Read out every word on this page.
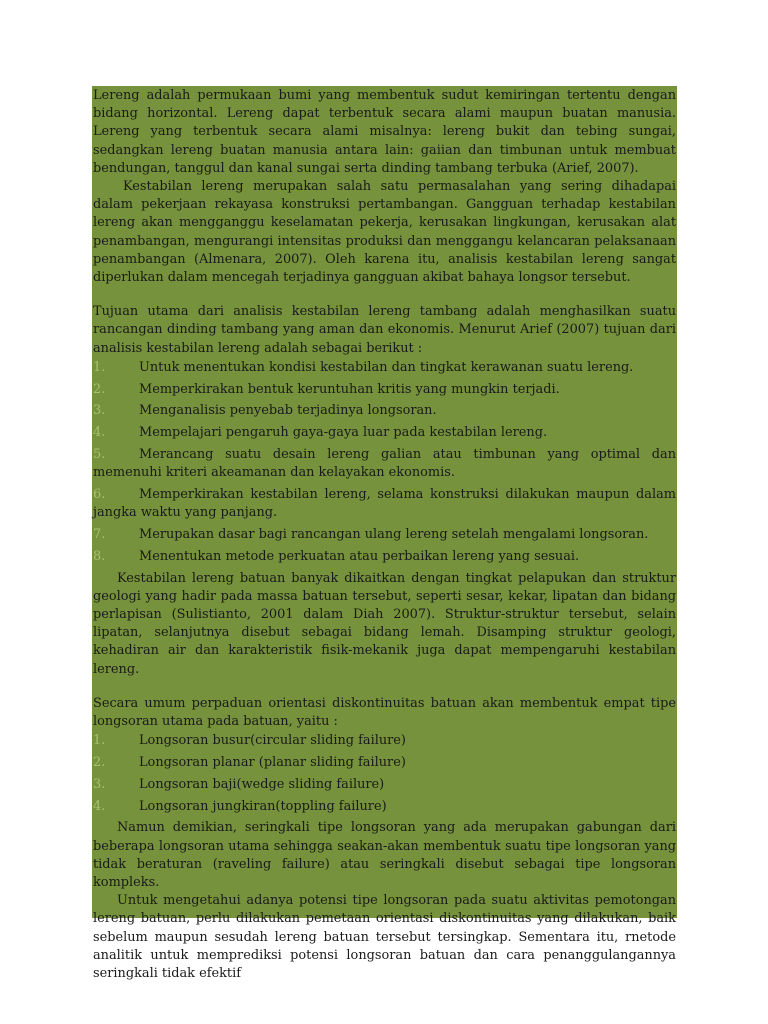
Lereng adalah permukaan bumi yang membentuk sudut kemiringan tertentu dengan bidang horizontal. Lereng dapat terbentuk secara alami maupun buatan manusia. Lereng yang terbentuk secara alami misalnya: lereng bukit dan tebing sungai, sedangkan lereng buatan manusia antara lain: gaiian dan timbunan untuk membuat bendungan, tanggul dan kanal sungai serta dinding tambang terbuka (Arief, 2007).

Kestabilan lereng merupakan salah satu permasalahan yang sering dihadapai dalam pekerjaan rekayasa konstruksi pertambangan. Gangguan terhadap kestabilan lereng akan mengganggu keselamatan pekerja, kerusakan lingkungan, kerusakan alat penambangan, mengurangi intensitas produksi dan menggangu kelancaran pelaksanaan penambangan (Almenara, 2007). Oleh karena itu, analisis kestabilan lereng sangat diperlukan dalam mencegah terjadinya gangguan akibat bahaya longsor tersebut.

Tujuan utama dari analisis kestabilan lereng tambang adalah menghasilkan suatu rancangan dinding tambang yang aman dan ekonomis. Menurut Arief (2007) tujuan dari analisis kestabilan lereng adalah sebagai berikut :

1.	Untuk menentukan kondisi kestabilan dan tingkat kerawanan suatu lereng.
2.	Memperkirakan bentuk keruntuhan kritis yang mungkin terjadi.
3.	Menganalisis penyebab terjadinya longsoran.
4.	Mempelajari pengaruh gaya-gaya luar pada kestabilan lereng.
5.	Merancang suatu desain lereng galian atau timbunan yang optimal dan memenuhi kriteri akeamanan dan kelayakan ekonomis.
6.	Memperkirakan kestabilan lereng, selama konstruksi dilakukan maupun dalam jangka waktu yang panjang.
7.	Merupakan dasar bagi rancangan ulang lereng setelah mengalami longsoran.
8.	Menentukan metode perkuatan atau perbaikan lereng yang sesuai.

Kestabilan lereng batuan banyak dikaitkan dengan tingkat pelapukan dan struktur geologi yang hadir pada massa batuan tersebut, seperti sesar, kekar, lipatan dan bidang perlapisan (Sulistianto, 2001 dalam Diah 2007). Struktur-struktur tersebut, selain lipatan, selanjutnya disebut sebagai bidang lemah. Disamping struktur geologi, kehadiran air dan karakteristik fisik-mekanik juga dapat mempengaruhi kestabilan lereng.

Secara umum perpaduan orientasi diskontinuitas batuan akan membentuk empat tipe longsoran utama pada batuan, yaitu :

1.	Longsoran busur(circular sliding failure)
2.	Longsoran planar (planar sliding failure)
3.	Longsoran baji(wedge sliding failure)
4.	Longsoran jungkiran(toppling failure)

Namun demikian, seringkali tipe longsoran yang ada merupakan gabungan dari beberapa longsoran utama sehingga seakan-akan membentuk suatu tipe longsoran yang tidak beraturan (raveling failure) atau seringkali disebut sebagai tipe longsoran kompleks.

Untuk mengetahui adanya potensi tipe longsoran pada suatu aktivitas pemotongan lereng batuan, perlu dilakukan pemetaan orientasi diskontinuitas yang dilakukan, baik sebelum maupun sesudah lereng batuan tersebut tersingkap. Sementara itu, rnetode analitik untuk memprediksi potensi longsoran batuan dan cara penanggulangannya seringkali tidak efektif
